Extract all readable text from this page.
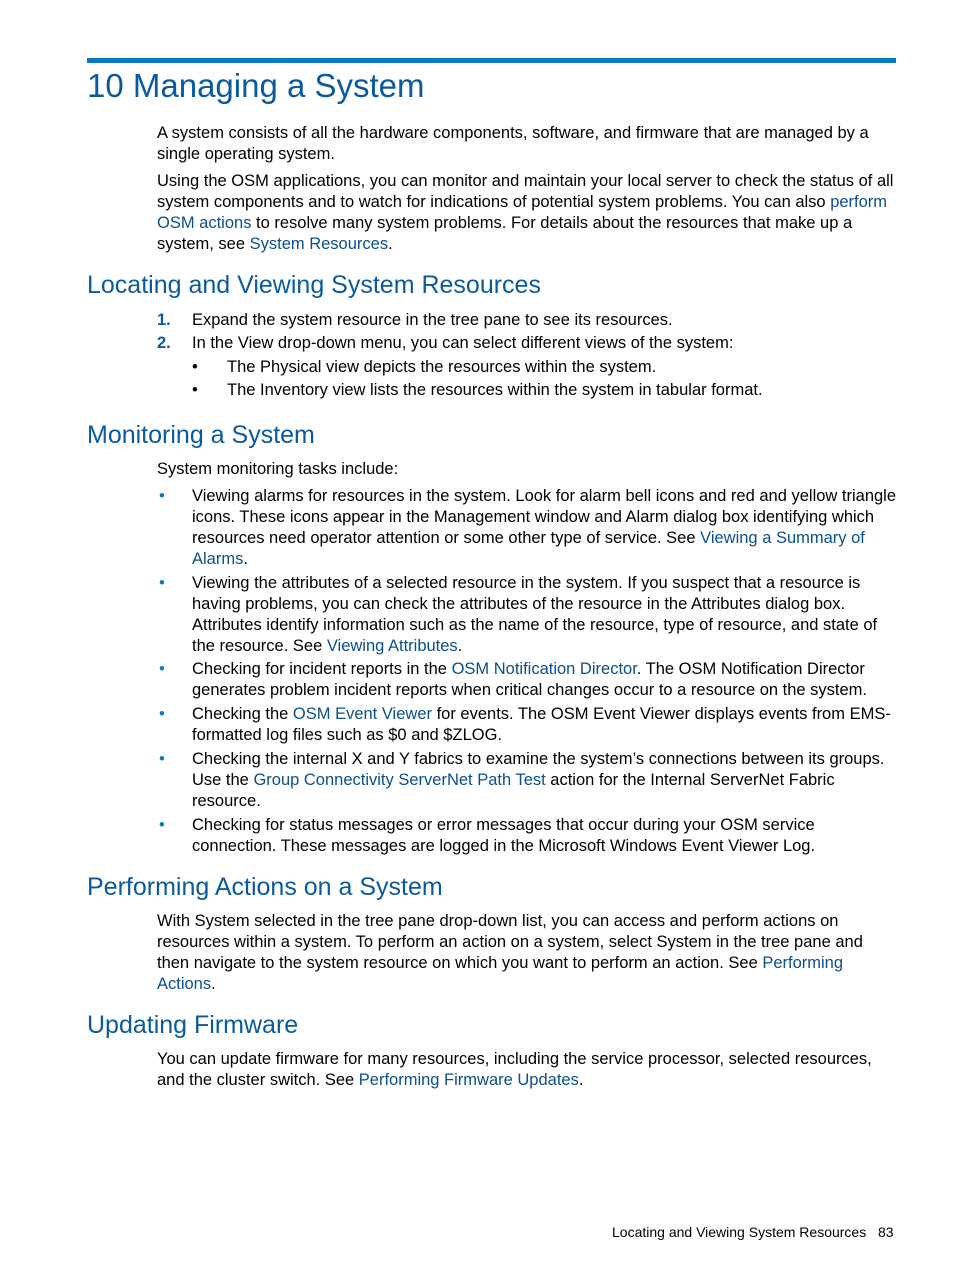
10 Managing a System

A system consists of all the hardware components, software, and firmware that are managed by a single operating system.

Using the OSM applications, you can monitor and maintain your local server to check the status of all system components and to watch for indications of potential system problems. You can also perform OSM actions to resolve many system problems. For details about the resources that make up a system, see System Resources.

Locating and Viewing System Resources
1. Expand the system resource in the tree pane to see its resources.
2. In the View drop-down menu, you can select different views of the system:
• The Physical view depicts the resources within the system.
• The Inventory view lists the resources within the system in tabular format.
Monitoring a System

System monitoring tasks include:

• Viewing alarms for resources in the system. Look for alarm bell icons and red and yellow triangle icons. These icons appear in the Management window and Alarm dialog box identifying which resources need operator attention or some other type of service. See Viewing a Summary of Alarms.
• Viewing the attributes of a selected resource in the system. If you suspect that a resource is having problems, you can check the attributes of the resource in the Attributes dialog box. Attributes identify information such as the name of the resource, type of resource, and state of the resource. See Viewing Attributes.
• Checking for incident reports in the OSM Notification Director. The OSM Notification Director generates problem incident reports when critical changes occur to a resource on the system.
• Checking the OSM Event Viewer for events. The OSM Event Viewer displays events from EMS-formatted log files such as $0 and $ZLOG.
• Checking the internal X and Y fabrics to examine the system’s connections between its groups. Use the Group Connectivity ServerNet Path Test action for the Internal ServerNet Fabric resource.
• Checking for status messages or error messages that occur during your OSM service connection. These messages are logged in the Microsoft Windows Event Viewer Log.
Performing Actions on a System

With System selected in the tree pane drop-down list, you can access and perform actions on resources within a system. To perform an action on a system, select System in the tree pane and then navigate to the system resource on which you want to perform an action. See Performing Actions.

Updating Firmware

You can update firmware for many resources, including the service processor, selected resources, and the cluster switch. See Performing Firmware Updates.

Locating and Viewing System Resources 83
